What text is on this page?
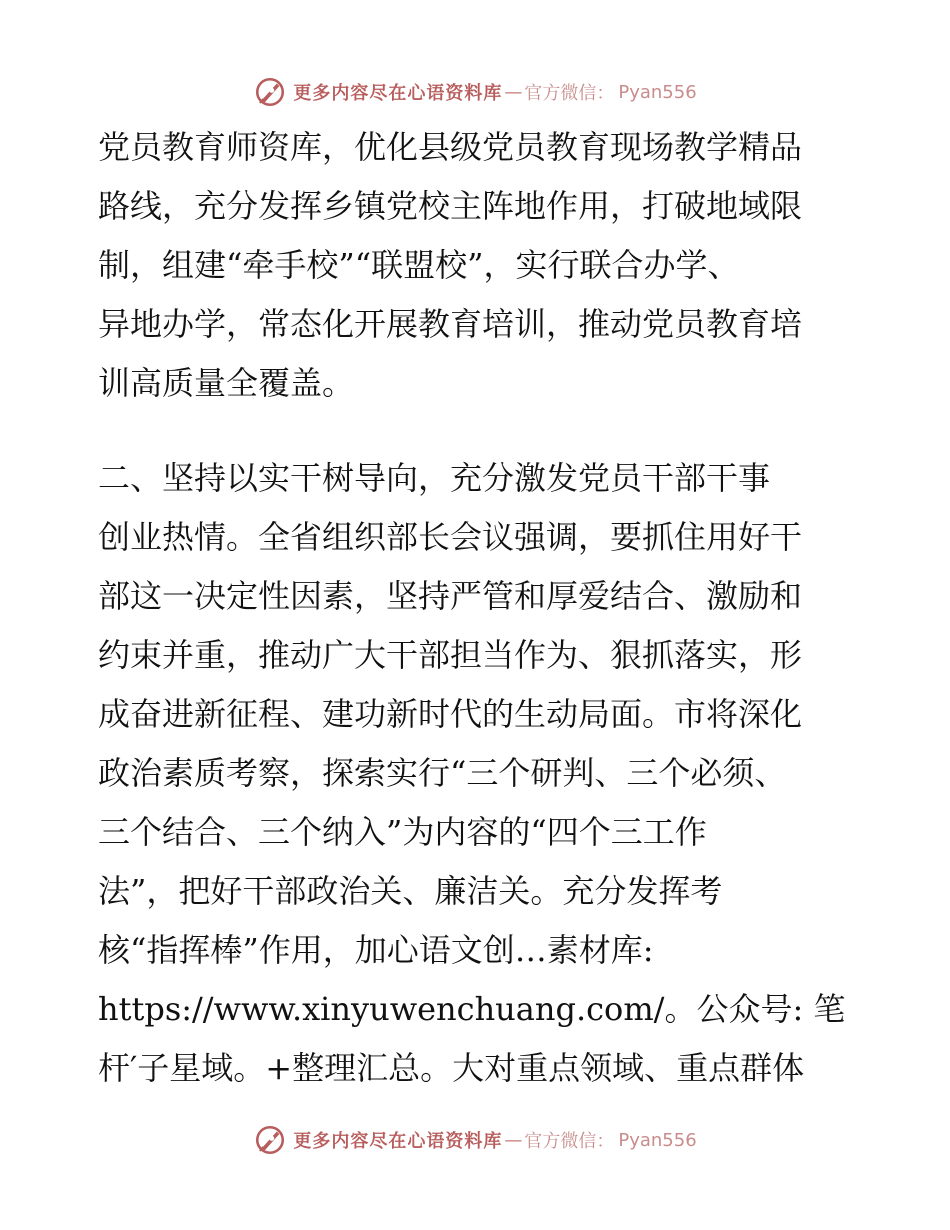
更多内容尽在心语资料库 — 官方微信： Pyan556
党员教育师资库，优化县级党员教育现场教学精品
路线，充分发挥乡镇党校主阵地作用，打破地域限
制，组建“牵手校”“联盟校”，实行联合办学、
异地办学，常态化开展教育培训，推动党员教育培
训高质量全覆盖。
二、坚持以实干树导向，充分激发党员干部干事
创业热情。全省组织部长会议强调，要抓住用好干
部这一决定性因素，坚持严管和厚爱结合、激励和
约束并重，推动广大干部担当作为、狠抓落实，形
成奋进新征程、建功新时代的生动局面。市将深化
政治素质考察，探索实行“三个研判、三个必须、
三个结合、三个纳入”为内容的“四个三工作
法”，把好干部政治关、廉洁关。充分发挥考
核“指挥棒”作用，加心语文创…素材库:
https://www.xinyuwenchuang.com/。公众号: 笔
杆′子星域。+整理汇总。大对重点领域、重点群体
更多内容尽在心语资料库 — 官方微信： Pyan556
